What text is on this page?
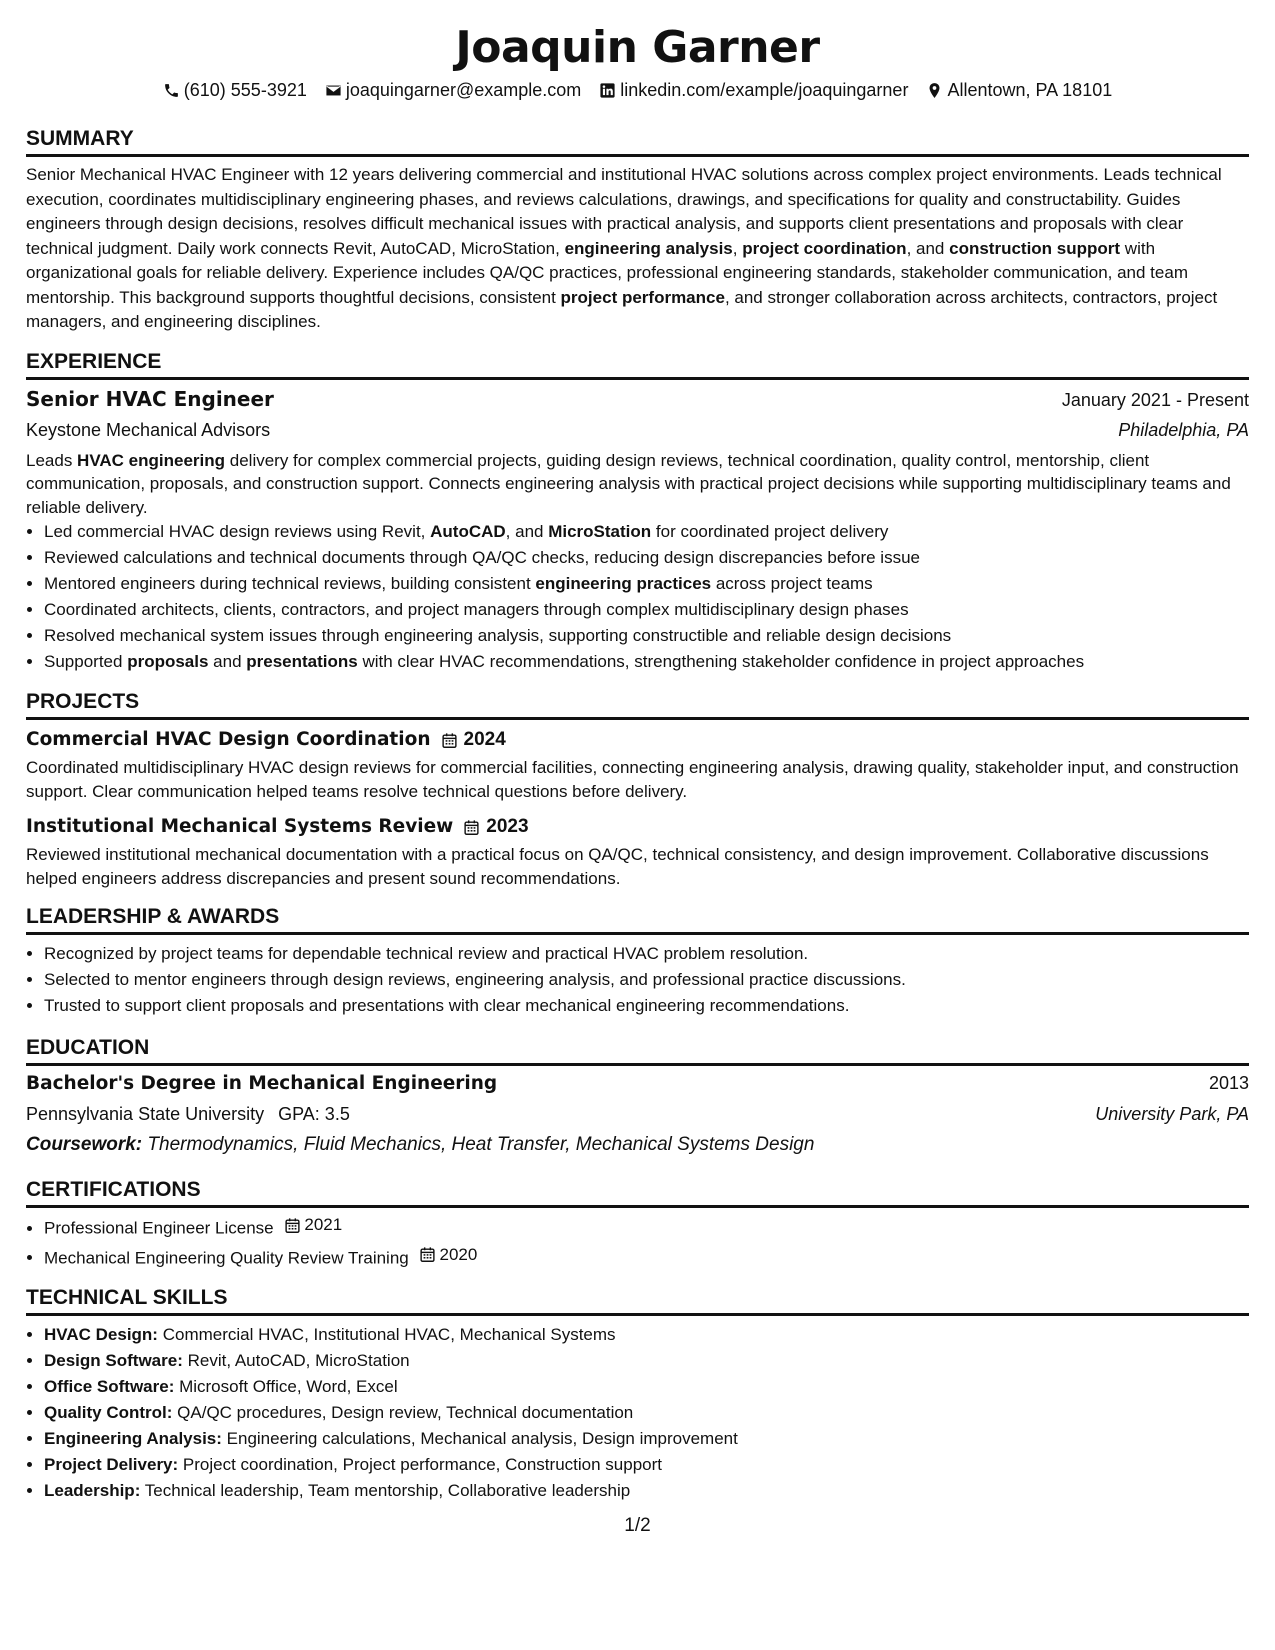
Joaquin Garner
(610) 555-3921 joaquingarner@example.com linkedin.com/example/joaquingarner Allentown, PA 18101
SUMMARY

Senior Mechanical HVAC Engineer with 12 years delivering commercial and institutional HVAC solutions across complex project environments. Leads technical execution, coordinates multidisciplinary engineering phases, and reviews calculations, drawings, and specifications for quality and constructability. Guides engineers through design decisions, resolves difficult mechanical issues with practical analysis, and supports client presentations and proposals with clear technical judgment. Daily work connects Revit, AutoCAD, MicroStation, engineering analysis, project coordination, and construction support with organizational goals for reliable delivery. Experience includes QA/QC practices, professional engineering standards, stakeholder communication, and team mentorship. This background supports thoughtful decisions, consistent project performance, and stronger collaboration across architects, contractors, project managers, and engineering disciplines.

EXPERIENCE
Senior HVAC Engineer	January 2021 - Present
Keystone Mechanical Advisors	Philadelphia, PA

Leads HVAC engineering delivery for complex commercial projects, guiding design reviews, technical coordination, quality control, mentorship, client communication, proposals, and construction support. Connects engineering analysis with practical project decisions while supporting multidisciplinary teams and reliable delivery.

• Led commercial HVAC design reviews using Revit, AutoCAD, and MicroStation for coordinated project delivery
• Reviewed calculations and technical documents through QA/QC checks, reducing design discrepancies before issue
• Mentored engineers during technical reviews, building consistent engineering practices across project teams
• Coordinated architects, clients, contractors, and project managers through complex multidisciplinary design phases
• Resolved mechanical system issues through engineering analysis, supporting constructible and reliable design decisions
• Supported proposals and presentations with clear HVAC recommendations, strengthening stakeholder confidence in project approaches
PROJECTS
Commercial HVAC Design Coordination 2024

Coordinated multidisciplinary HVAC design reviews for commercial facilities, connecting engineering analysis, drawing quality, stakeholder input, and construction support. Clear communication helped teams resolve technical questions before delivery.

Institutional Mechanical Systems Review 2023

Reviewed institutional mechanical documentation with a practical focus on QA/QC, technical consistency, and design improvement. Collaborative discussions helped engineers address discrepancies and present sound recommendations.

LEADERSHIP & AWARDS
• Recognized by project teams for dependable technical review and practical HVAC problem resolution.
• Selected to mentor engineers through design reviews, engineering analysis, and professional practice discussions.
• Trusted to support client proposals and presentations with clear mechanical engineering recommendations.
EDUCATION
Bachelor's Degree in Mechanical Engineering	2013
Pennsylvania State University GPA: 3.5	University Park, PA
Coursework: Thermodynamics, Fluid Mechanics, Heat Transfer, Mechanical Systems Design
CERTIFICATIONS
• Professional Engineer License 2021
• Mechanical Engineering Quality Review Training 2020
TECHNICAL SKILLS
• HVAC Design: Commercial HVAC, Institutional HVAC, Mechanical Systems
• Design Software: Revit, AutoCAD, MicroStation
• Office Software: Microsoft Office, Word, Excel
• Quality Control: QA/QC procedures, Design review, Technical documentation
• Engineering Analysis: Engineering calculations, Mechanical analysis, Design improvement
• Project Delivery: Project coordination, Project performance, Construction support
• Leadership: Technical leadership, Team mentorship, Collaborative leadership
1/2
